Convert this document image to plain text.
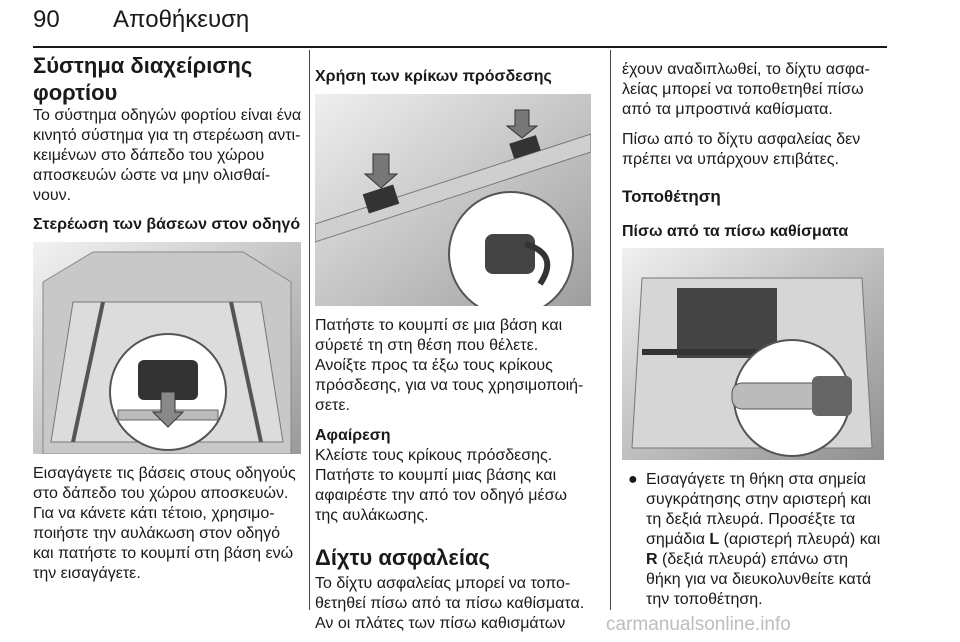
90 Αποθήκευση
Σύστημα διαχείρισης
φορτίου

Το σύστημα οδηγών φορτίου είναι ένα
κινητό σύστημα για τη στερέωση αντι‐
κειμένων στο δάπεδο του χώρου
αποσκευών ώστε να μην ολισθαί‐
νουν.

Στερέωση των βάσεων στον οδηγό

Εισαγάγετε τις βάσεις στους οδηγούς
στο δάπεδο του χώρου αποσκευών.
Για να κάνετε κάτι τέτοιο, χρησιμο‐
ποιήστε την αυλάκωση στον οδηγό
και πατήστε το κουμπί στη βάση ενώ
την εισαγάγετε.

Χρήση των κρίκων πρόσδεσης

Πατήστε το κουμπί σε μια βάση και
σύρετέ τη στη θέση που θέλετε.
Ανοίξτε προς τα έξω τους κρίκους
πρόσδεσης, για να τους χρησιμοποιή‐
σετε.

Αφαίρεση

Κλείστε τους κρίκους πρόσδεσης.
Πατήστε το κουμπί μιας βάσης και
αφαιρέστε την από τον οδηγό μέσω
της αυλάκωσης.

Δίχτυ ασφαλείας

Το δίχτυ ασφαλείας μπορεί να τοπο‐
θετηθεί πίσω από τα πίσω καθίσματα.
Αν οι πλάτες των πίσω καθισμάτων

έχουν αναδιπλωθεί, το δίχτυ ασφα‐
λείας μπορεί να τοποθετηθεί πίσω
από τα μπροστινά καθίσματα.

Πίσω από το δίχτυ ασφαλείας δεν
πρέπει να υπάρχουν επιβάτες.

Τοποθέτηση
Πίσω από τα πίσω καθίσματα
● Εισαγάγετε τη θήκη στα σημεία
συγκράτησης στην αριστερή και
τη δεξιά πλευρά. Προσέξτε τα
σημάδια L (αριστερή πλευρά) και
R (δεξιά πλευρά) επάνω στη
θήκη για να διευκολυνθείτε κατά
την τοποθέτηση.
carmanualsonline.info
